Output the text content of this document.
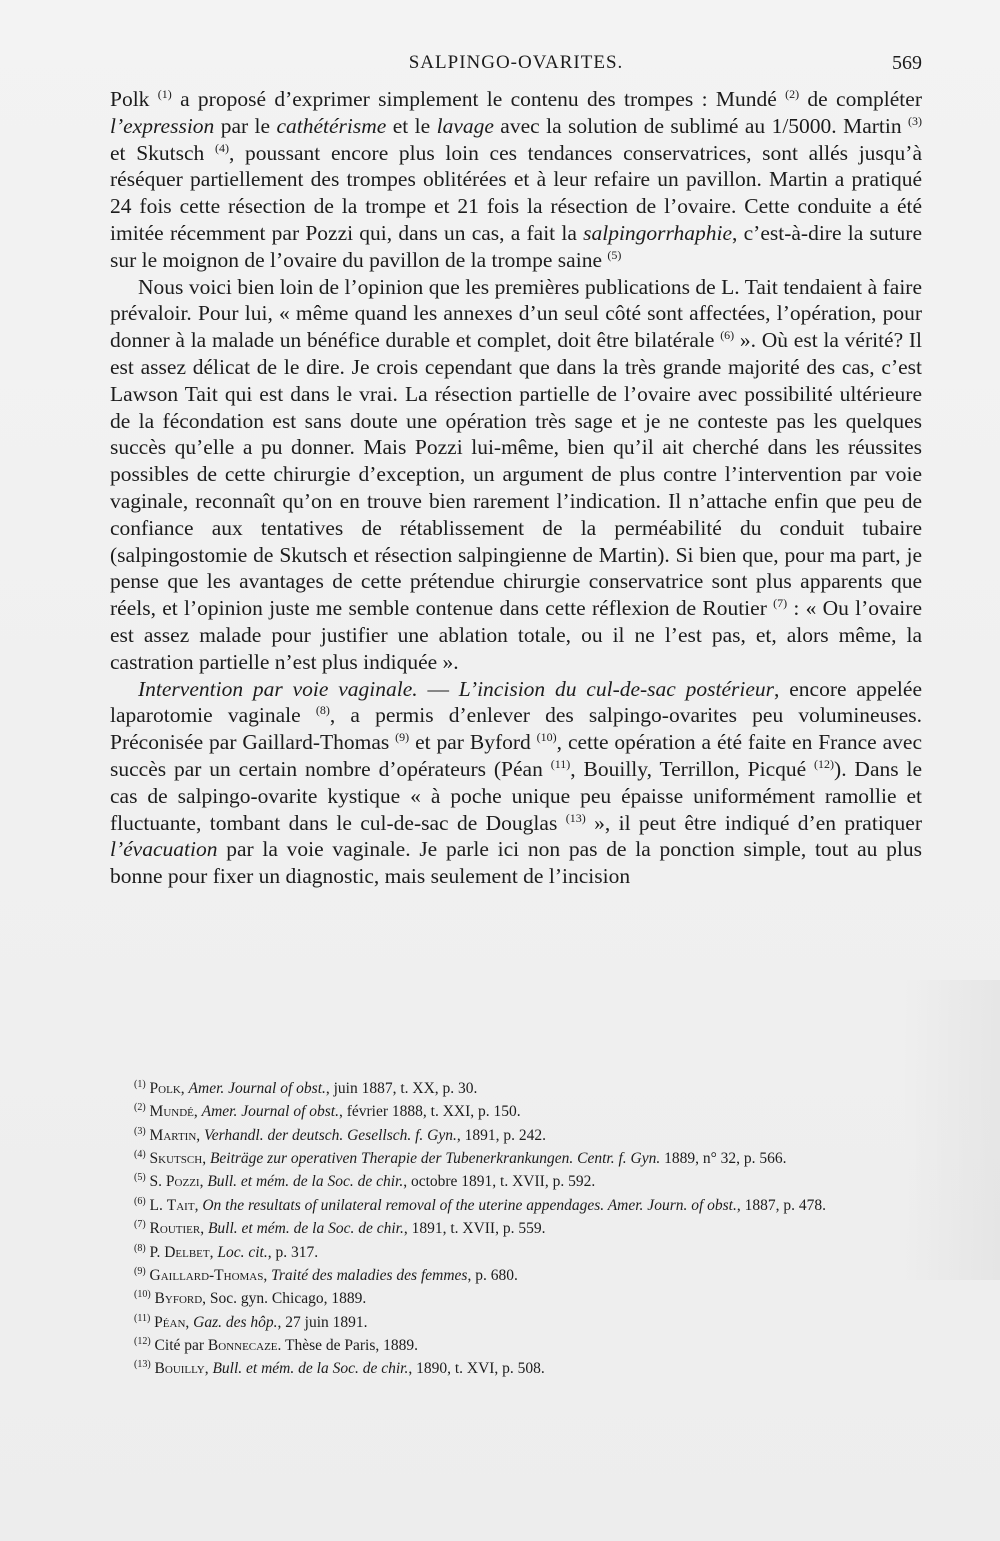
SALPINGO-OVARITES.	569

Polk $^{(1)}$ a proposé d’exprimer simplement le contenu des trompes : Mundé $^{(2)}$ de compléter l’expression par le cathétérisme et le lavage avec la solution de sublimé au 1/5000. Martin $^{(3)}$ et Skutsch $^{(4)}$, poussant encore plus loin ces tendances conservatrices, sont allés jusqu’à réséquer partiellement des trompes oblitérées et à leur refaire un pavillon. Martin a pratiqué 24 fois cette résection de la trompe et 21 fois la résection de l’ovaire. Cette conduite a été imitée récemment par Pozzi qui, dans un cas, a fait la salpingorrhaphie, c’est-à-dire la suture sur le moignon de l’ovaire du pavillon de la trompe saine $^{(5)}$

Nous voici bien loin de l’opinion que les premières publications de L. Tait tendaient à faire prévaloir. Pour lui, « même quand les annexes d’un seul côté sont affectées, l’opération, pour donner à la malade un bénéfice durable et complet, doit être bilatérale $^{(6)}$ ». Où est la vérité? Il est assez délicat de le dire. Je crois cependant que dans la très grande majorité des cas, c’est Lawson Tait qui est dans le vrai. La résection partielle de l’ovaire avec possibilité ultérieure de la fécondation est sans doute une opération très sage et je ne conteste pas les quelques succès qu’elle a pu donner. Mais Pozzi lui-même, bien qu’il ait cherché dans les réussites possibles de cette chirurgie d’exception, un argument de plus contre l’intervention par voie vaginale, reconnaît qu’on en trouve bien rarement l’indication. Il n’attache enfin que peu de confiance aux tentatives de rétablissement de la perméabilité du conduit tubaire (salpingostomie de Skutsch et résection salpingienne de Martin). Si bien que, pour ma part, je pense que les avantages de cette prétendue chirurgie conservatrice sont plus apparents que réels, et l’opinion juste me semble contenue dans cette réflexion de Routier $^{(7)}$ : « Ou l’ovaire est assez malade pour justifier une ablation totale, ou il ne l’est pas, et, alors même, la castration partielle n’est plus indiquée ».

Intervention par voie vaginale. — L’incision du cul-de-sac postérieur, encore appelée laparotomie vaginale $^{(8)}$, a permis d’enlever des salpingo-ovarites peu volumineuses. Préconisée par Gaillard-Thomas $^{(9)}$ et par Byford $^{(10)}$, cette opération a été faite en France avec succès par un certain nombre d’opérateurs (Péan $^{(11)}$, Bouilly, Terrillon, Picqué $^{(12)}$). Dans le cas de salpingo-ovarite kystique « à poche unique peu épaisse uniformément ramollie et fluctuante, tombant dans le cul-de-sac de Douglas $^{(13)}$ », il peut être indiqué d’en pratiquer l’évacuation par la voie vaginale. Je parle ici non pas de la ponction simple, tout au plus bonne pour fixer un diagnostic, mais seulement de l’incision

$^{(1)}$ Polk, Amer. Journal of obst., juin 1887, t. XX, p. 30.

$^{(2)}$ Mundé, Amer. Journal of obst., février 1888, t. XXI, p. 150.

$^{(3)}$ Martin, Verhandl. der deutsch. Gesellsch. f. Gyn., 1891, p. 242.

$^{(4)}$ Skutsch, Beiträge zur operativen Therapie der Tubenerkrankungen. Centr. f. Gyn. 1889, n° 32, p. 566.

$^{(5)}$ S. Pozzi, Bull. et mém. de la Soc. de chir., octobre 1891, t. XVII, p. 592.

$^{(6)}$ L. Tait, On the resultats of unilateral removal of the uterine appendages. Amer. Journ. of obst., 1887, p. 478.

$^{(7)}$ Routier, Bull. et mém. de la Soc. de chir., 1891, t. XVII, p. 559.

$^{(8)}$ P. Delbet, Loc. cit., p. 317.

$^{(9)}$ Gaillard-Thomas, Traité des maladies des femmes, p. 680.

$^{(10)}$ Byford, Soc. gyn. Chicago, 1889.

$^{(11)}$ Péan, Gaz. des hôp., 27 juin 1891.

$^{(12)}$ Cité par Bonnecaze. Thèse de Paris, 1889.

$^{(13)}$ Bouilly, Bull. et mém. de la Soc. de chir., 1890, t. XVI, p. 508.
